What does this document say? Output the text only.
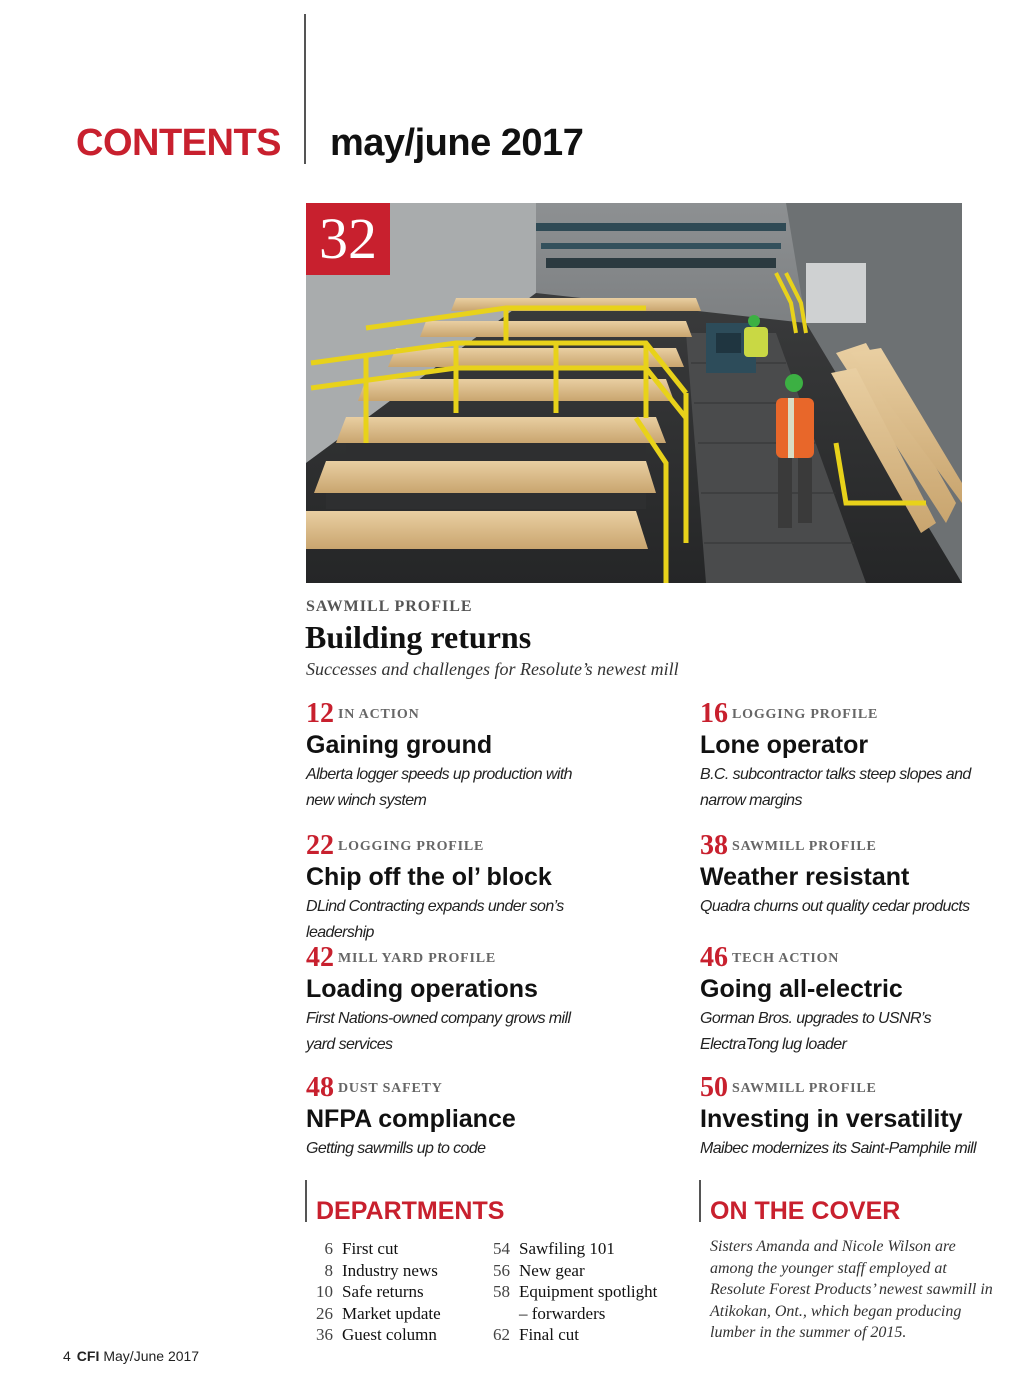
CONTENTS may/june 2017
32
SAWMILL PROFILE
Building returns
Successes and challenges for Resolute’s newest mill
12 IN ACTION
Gaining ground
Alberta logger speeds up production with new winch system
16 LOGGING PROFILE
Lone operator
B.C. subcontractor talks steep slopes and narrow margins
22 LOGGING PROFILE
Chip off the ol’ block
DLind Contracting expands under son’s leadership
38 SAWMILL PROFILE
Weather resistant
Quadra churns out quality cedar products
42 MILL YARD PROFILE
Loading operations
First Nations-owned company grows mill yard services
46 TECH ACTION
Going all-electric
Gorman Bros. upgrades to USNR’s ElectraTong lug loader
48 DUST SAFETY
NFPA compliance
Getting sawmills up to code
50 SAWMILL PROFILE
Investing in versatility
Maibec modernizes its Saint-Pamphile mill
DEPARTMENTS
6 First cut
8 Industry news
10 Safe returns
26 Market update
36 Guest column
54 Sawfiling 101
56 New gear
58 Equipment spotlight
– forwarders
62 Final cut
ON THE COVER
Sisters Amanda and Nicole Wilson are among the younger staff employed at Resolute Forest Products’ newest sawmill in Atikokan, Ont., which began producing lumber in the summer of 2015.
4 CFI May/June 2017
